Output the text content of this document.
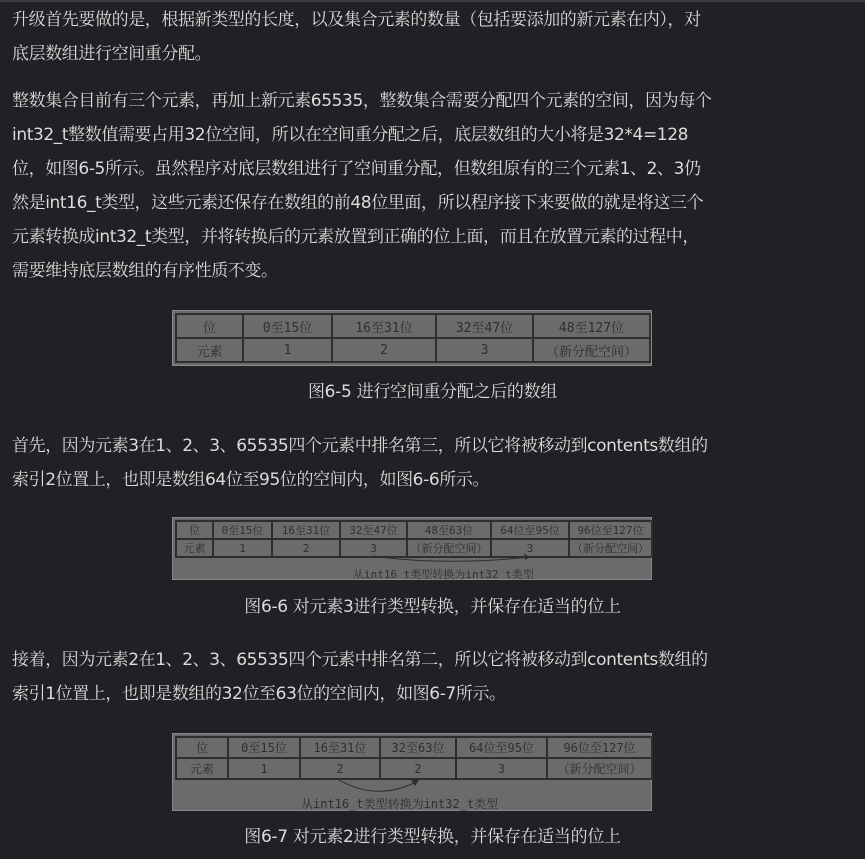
升级首先要做的是，根据新类型的长度，以及集合元素的数量（包括要添加的新元素在内），对
底层数组进行空间重分配。
整数集合目前有三个元素，再加上新元素65535，整数集合需要分配四个元素的空间，因为每个
int32_t整数值需要占用32位空间，所以在空间重分配之后，底层数组的大小将是32*4=128
位，如图6-5所示。虽然程序对底层数组进行了空间重分配，但数组原有的三个元素1、2、3仍
然是int16_t类型，这些元素还保存在数组的前48位里面，所以程序接下来要做的就是将这三个
元素转换成int32_t类型，并将转换后的元素放置到正确的位上面，而且在放置元素的过程中，
需要维持底层数组的有序性质不变。
位	0至15位	16至31位	32至47位	48至127位
元素	1	2	3	（新分配空间）
图6-5 进行空间重分配之后的数组
首先，因为元素3在1、2、3、65535四个元素中排名第三，所以它将被移动到contents数组的
索引2位置上，也即是数组64位至95位的空间内，如图6-6所示。
位	0至15位	16至31位	32至47位	48至63位	64位至95位	96位至127位
元素	1	2	3	（新分配空间）	3	（新分配空间）
从int16_t类型转换为int32_t类型
图6-6 对元素3进行类型转换，并保存在适当的位上
接着，因为元素2在1、2、3、65535四个元素中排名第二，所以它将被移动到contents数组的
索引1位置上，也即是数组的32位至63位的空间内，如图6-7所示。
位	0至15位	16至31位	32至63位	64位至95位	96位至127位
元素	1	2	2	3	（新分配空间）
从int16_t类型转换为int32_t类型
图6-7 对元素2进行类型转换，并保存在适当的位上
